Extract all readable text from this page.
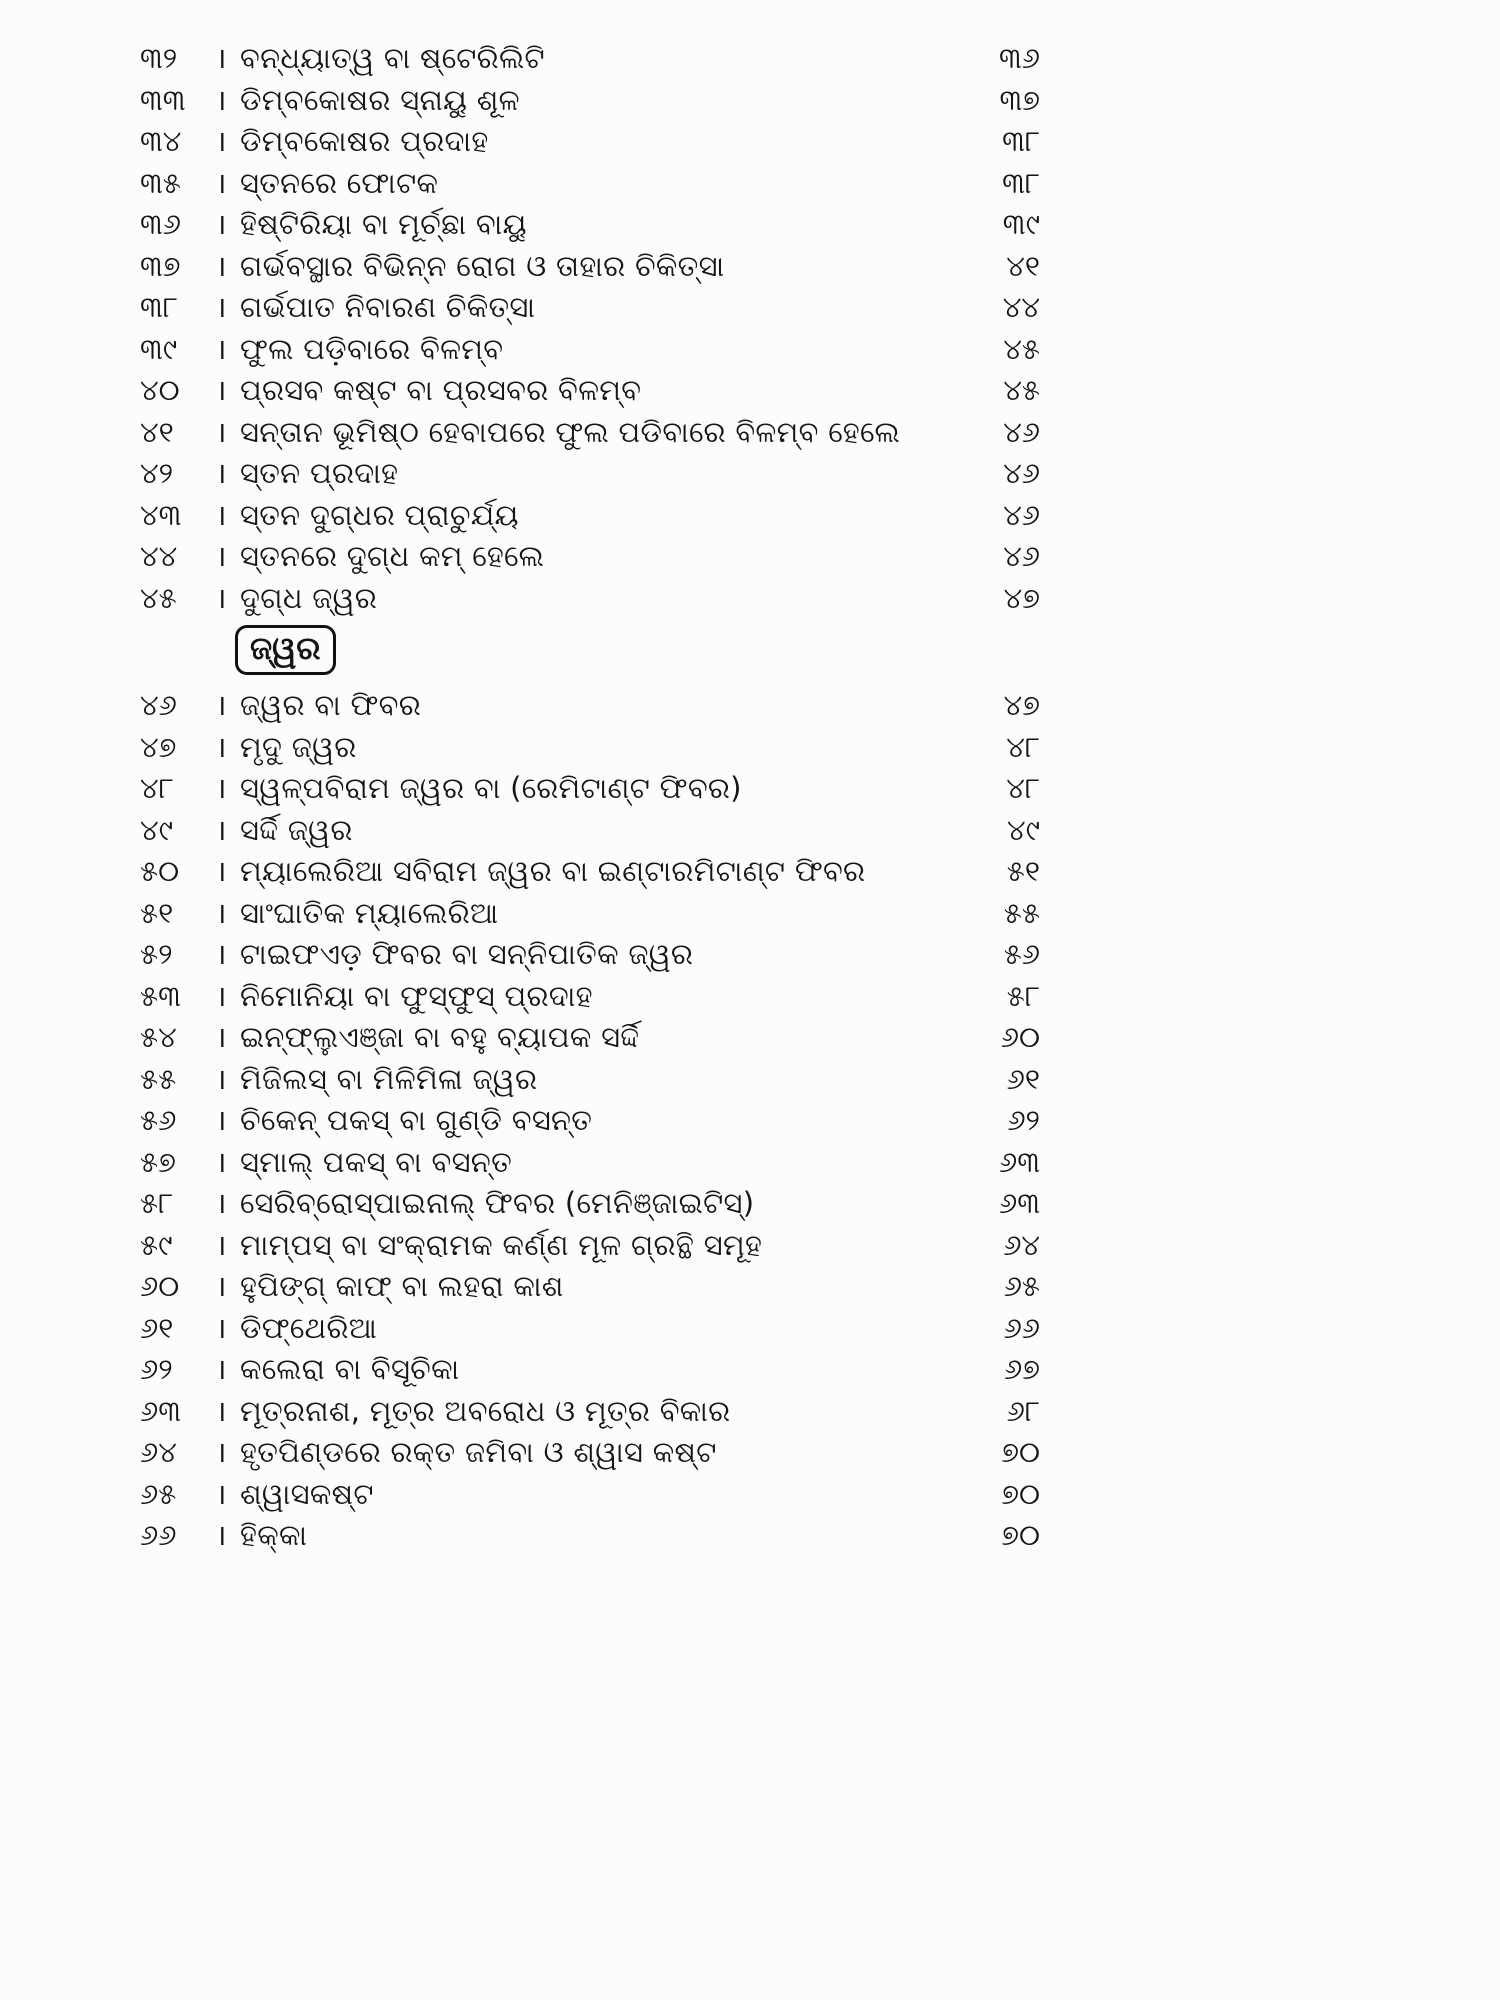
୩୨	। ବନ୍ଧ୍ୟାତ୍ୱ ବା ଷ୍ଟେରିଲିଟି	୩୬
୩୩	। ଡିମ୍ବକୋଷର ସ୍ନାୟୁ ଶୂଳ	୩୭
୩୪	। ଡିମ୍ବକୋଷର ପ୍ରଦାହ	୩୮
୩୫	। ସ୍ତନରେ ଫୋଟକ	୩୮
୩୬	। ହିଷ୍ଟିରିୟା ବା ମୂର୍ଚ୍ଛା ବାୟୁ	୩୯
୩୭	। ଗର୍ଭବସ୍ଥାର ବିଭିନ୍ନ ରୋଗ ଓ ତାହାର ଚିକିତ୍ସା	୪୧
୩୮	। ଗର୍ଭପାତ ନିବାରଣ ଚିକିତ୍ସା	୪୪
୩୯	। ଫୁଲ ପଡ଼ିବାରେ ବିଳମ୍ବ	୪୫
୪୦	। ପ୍ରସବ କଷ୍ଟ ବା ପ୍ରସବର ବିଳମ୍ବ	୪୫
୪୧	। ସନ୍ତାନ ଭୂମିଷ୍ଠ ହେବାପରେ ଫୁଲ ପଡିବାରେ ବିଳମ୍ବ ହେଲେ	୪୬
୪୨	। ସ୍ତନ ପ୍ରଦାହ	୪୬
୪୩	। ସ୍ତନ ଦୁଗ୍ଧର ପ୍ରାଚୁର୍ଯ୍ୟ	୪୬
୪୪	। ସ୍ତନରେ ଦୁଗ୍ଧ କମ୍ ହେଲେ	୪୬
୪୫	। ଦୁଗ୍ଧ ଜ୍ୱର	୪୭
ଜ୍ୱର
୪୬	। ଜ୍ୱର ବା ଫିବର	୪୭
୪୭	। ମୃଦୁ ଜ୍ୱର	୪୮
୪୮	। ସ୍ୱଳ୍ପବିରାମ ଜ୍ୱର ବା (ରେମିଟାଣ୍ଟ ଫିବର)	୪୮
୪୯	। ସର୍ଦ୍ଦି ଜ୍ୱର	୪୯
୫୦	। ମ୍ୟାଲେରିଆ ସବିରାମ ଜ୍ୱର ବା ଇଣ୍ଟାରମିଟାଣ୍ଟ ଫିବର	୫୧
୫୧	। ସାଂଘାତିକ ମ୍ୟାଲେରିଆ	୫୫
୫୨	। ଟାଇଫଏଡ଼ ଫିବର ବା ସନ୍ନିପାତିକ ଜ୍ୱର	୫୬
୫୩	। ନିମୋନିୟା ବା ଫୁସ୍‌ଫୁସ୍ ପ୍ରଦାହ	୫୮
୫୪	। ଇନ୍‌ଫ୍ଲୁଏଞ୍ଜା ବା ବହୁ ବ୍ୟାପକ ସର୍ଦ୍ଦି	୬୦
୫୫	। ମିଜିଲସ୍ ବା ମିଳିମିଳା ଜ୍ୱର	୬୧
୫୬	। ଚିକେନ୍ ପକସ୍ ବା ଗୁଣ୍ଡି ବସନ୍ତ	୬୨
୫୭	। ସ୍ମାଲ୍ ପକସ୍ ବା ବସନ୍ତ	୬୩
୫୮	। ସେରିବ୍ରୋସ୍ପାଇନାଲ୍ ଫିବର (ମେନିଞ୍ଜାଇଟିସ୍)	୬୩
୫୯	। ମାମ୍ପସ୍ ବା ସଂକ୍ରାମକ କର୍ଣ୍ଣ ମୂଳ ଗ୍ରନ୍ଥି ସମୂହ	୬୪
୬୦	। ହୁପିଙ୍ଗ୍ କାଫ୍ ବା ଲହରା କାଶ	୬୫
୬୧	। ଡିଫ୍‌ଥେରିଆ	୬୬
୬୨	। କଲେରା ବା ବିସୂଚିକା	୬୭
୬୩	। ମୂତ୍ରନାଶ, ମୂତ୍ର ଅବରୋଧ ଓ ମୂତ୍ର ବିକାର	୬୮
୬୪	। ହୃତପିଣ୍ଡରେ ରକ୍ତ ଜମିବା ଓ ଶ୍ୱାସ କଷ୍ଟ	୭୦
୬୫	। ଶ୍ୱାସକଷ୍ଟ	୭୦
୬୬	। ହିକ୍କା	୭୦
